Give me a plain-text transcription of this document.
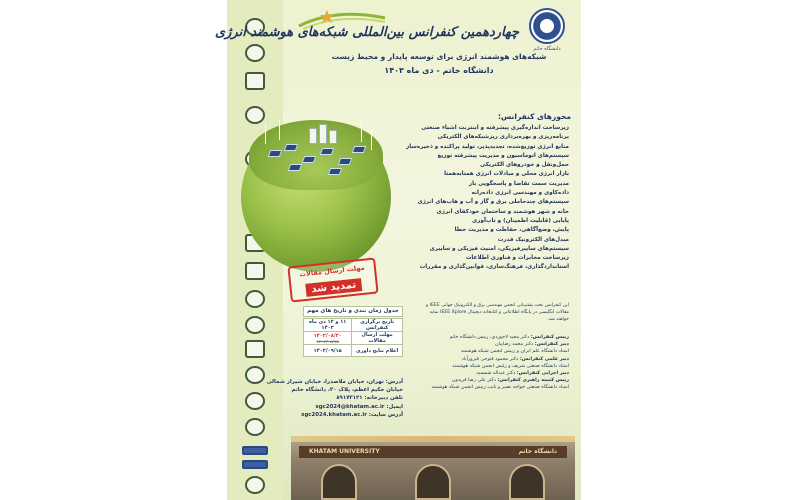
چهاردهمین کنفرانس بین‌المللی شبکه‌های هوشمند انرژی
دانشگاه خاتم
شبکه‌های هوشمند انرژی برای توسعه پایدار و محیط زیست
دانشگاه خاتم - دی ماه ۱۴۰۳
محورهای کنفرانس:
زیرساخت اندازه‌گیری پیشرفته و اینترنت اشیاء صنعتی
برنامه‌ریزی و بهره‌برداری ریزشبکه‌های الکتریکی
منابع انرژی توزیع‌شده، تجدیدپذیر، تولید پراکنده و ذخیره‌ساز
سیستم‌های اتوماسیون و مدیریت پیشرفته توزیع
حمل‌ونقل و خودروهای الکتریکی
بازار انرژی محلی و مبادلات انرژی همتابه‌همتا
مدیریت سمت تقاضا و پاسخگویی بار
داده‌کاوی و مهندسی انرژی داده‌رانه
سیستم‌های چندحاملی برق و گاز و آب و هاب‌های انرژی
خانه و شهر هوشمند و ساختمان خودکفای انرژی
پایایی (قابلیت اطمینان) و تاب‌آوری
پایش، وضع‌آگاهی، حفاظت و مدیریت خطا
مبدل‌های الکترونیک قدرت
سیستم‌های سایبرفیزیکی، امنیت فیزیکی و سایبری
زیرساخت مخابرات و فناوری اطلاعات
استانداردگذاری، فرهنگ‌سازی، قوانین‌گذاری و مقررات
مهلت ارسال مقالات
تمدید شد
جدول زمان بندی و تاریخ های مهم
تاریخ برگزاری کنفرانس	۱۱ و ۱۲ دی ماه ۱۴۰۳
مهلت ارسال مقالات	۱۴۰۳/۰۸/۳۰
۱۴۰۳/۰۸/۱۵

اعلام نتایج داوری	۱۴۰۳/۰۹/۱۵
آدرس: تهران، خیابان ملاصدرا، خیابان شیراز شمالی
خیابان حکیم اعظم، پلاک ۳۰، دانشگاه خاتم
تلفن دبیرخانه: ۸۹۱۷۳۱۲۱
ایمیل: sgc2024@khatam.ac.ir
آدرس سایت: sgc2024.khatam.ac.ir
این کنفرانس تحت پشتیبانی انجمن مهندسی برق و الکترونیک جهانی IEEE و مقالات انگلیسی در پایگاه اطلاعاتی و کتابخانه دیجیتال IEEE Xplore نمایه خواهند شد.
رییس کنفرانس: دکتر مجید لاجوردی، رییس دانشگاه خاتم
دبیر کنفرانس: دکتر محمد رضاییان
استاد دانشگاه علم ایران و رییس انجمن شبکه هوشمند
دبیر علمی کنفرانس: دکتر محمود فتوحی فیروزآباد
استاد دانشگاه صنعتی شریف و رئیس انجمن شبکه هوشمند
دبیر اجرایی کنفرانس: دکتر عبداله شمسیه
رییس کمیته راهبری کنفرانس: دکتر علی رضا فریدون
استاد دانشگاه صنعتی خواجه نصیر و نایب رییس انجمن شبکه هوشمند
KHATAM UNIVERSITY	دانشگاه خاتم
